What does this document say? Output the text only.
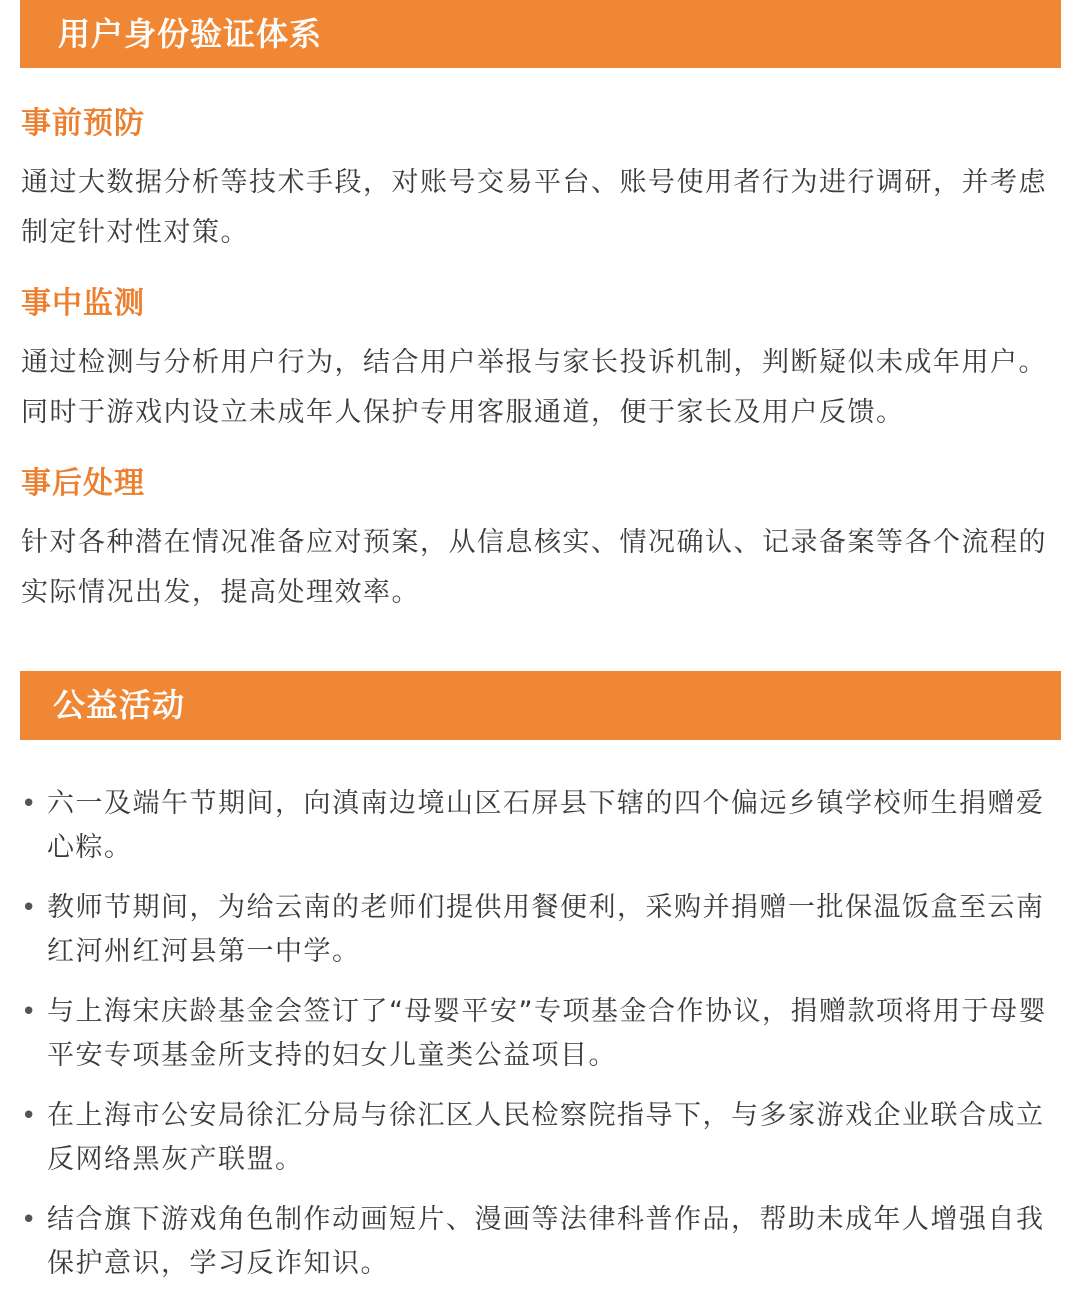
用户身份验证体系
事前预防

通过大数据分析等技术手段，对账号交易平台、账号使用者行为进行调研，并考虑制定针对性对策。

事中监测

通过检测与分析用户行为，结合用户举报与家长投诉机制，判断疑似未成年用户。同时于游戏内设立未成年人保护专用客服通道，便于家长及用户反馈。

事后处理

针对各种潜在情况准备应对预案，从信息核实、情况确认、记录备案等各个流程的实际情况出发，提高处理效率。

公益活动
• 六一及端午节期间，向滇南边境山区石屏县下辖的四个偏远乡镇学校师生捐赠爱心粽。
• 教师节期间，为给云南的老师们提供用餐便利，采购并捐赠一批保温饭盒至云南红河州红河县第一中学。
• 与上海宋庆龄基金会签订了“母婴平安”专项基金合作协议，捐赠款项将用于母婴平安专项基金所支持的妇女儿童类公益项目。
• 在上海市公安局徐汇分局与徐汇区人民检察院指导下，与多家游戏企业联合成立反网络黑灰产联盟。
• 结合旗下游戏角色制作动画短片、漫画等法律科普作品，帮助未成年人增强自我保护意识，学习反诈知识。
